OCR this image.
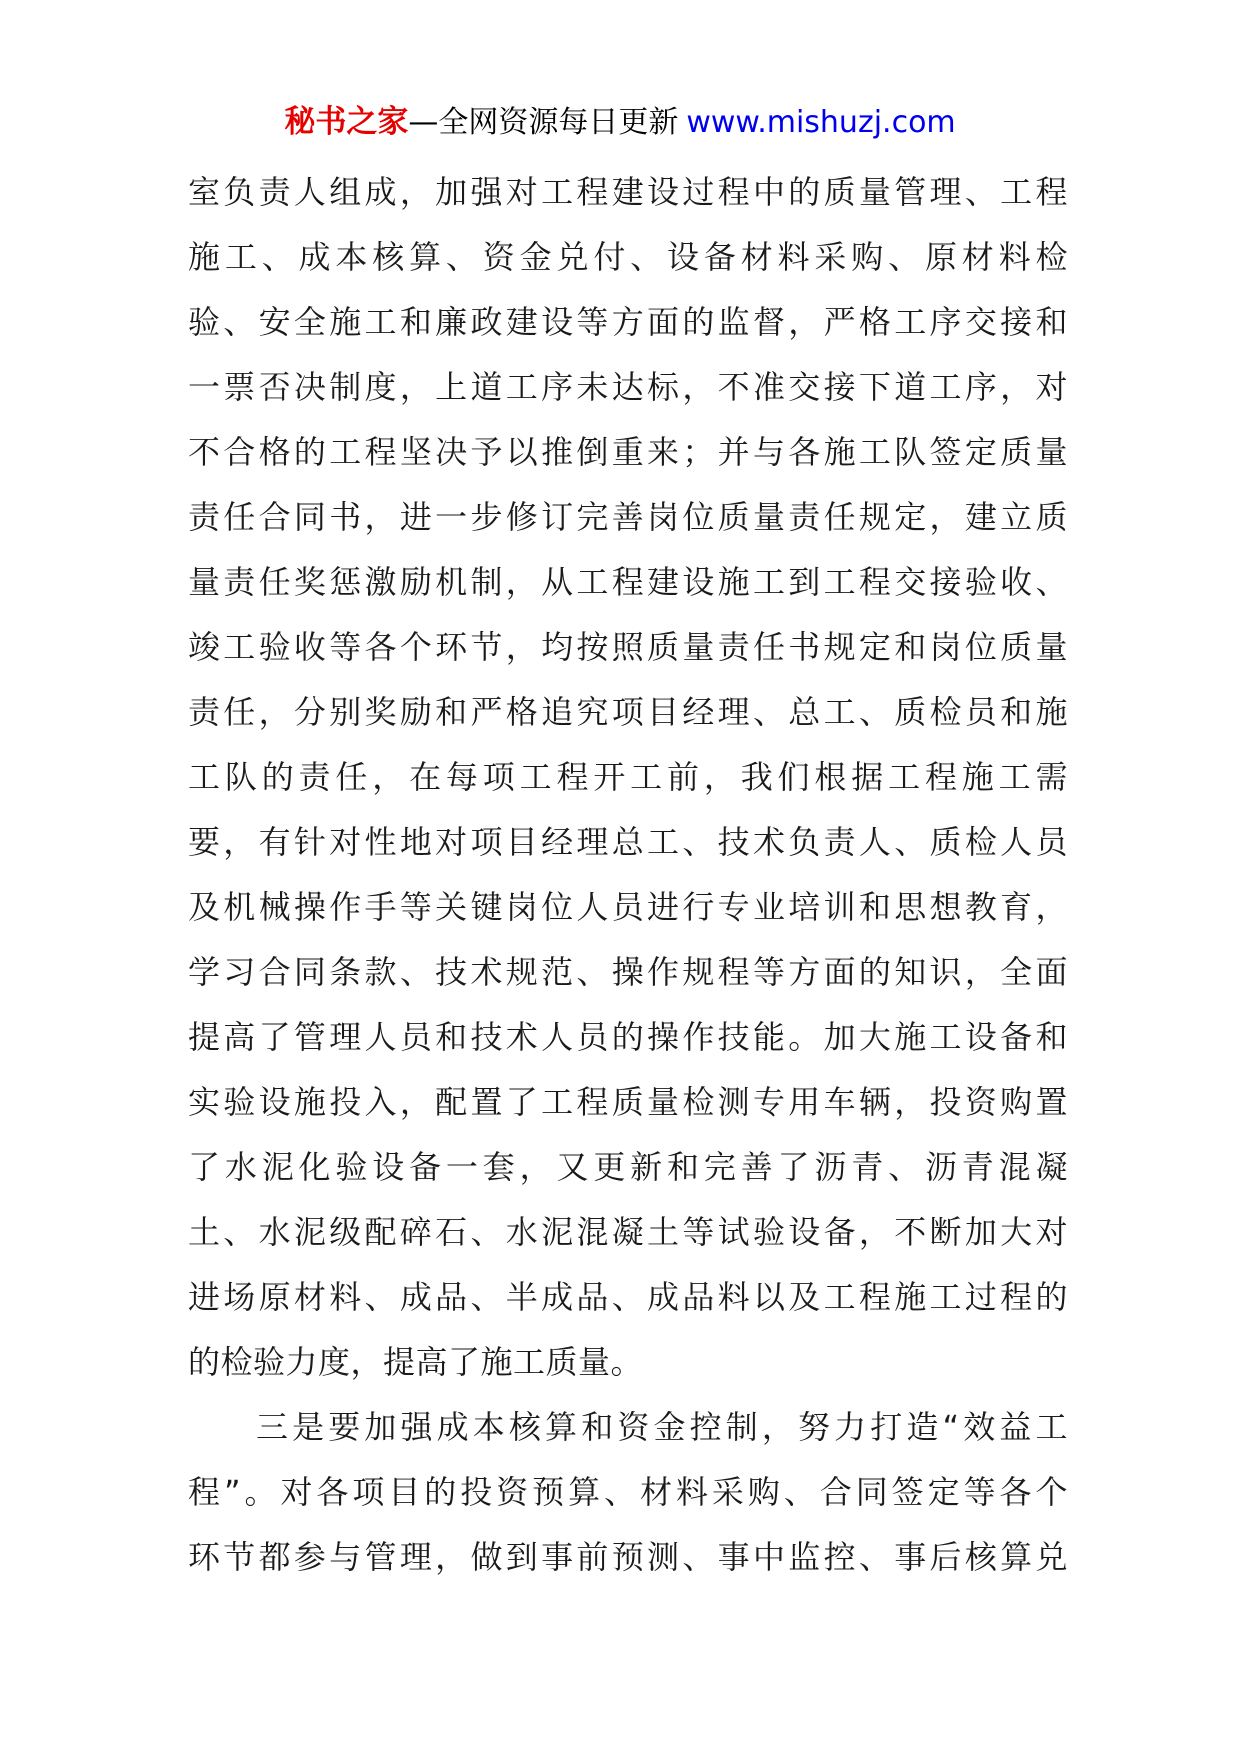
秘书之家—全网资源每日更新 www.mishuzj.com
室负责人组成，加强对工程建设过程中的质量管理、工程
施工、成本核算、资金兑付、设备材料采购、原材料检
验、安全施工和廉政建设等方面的监督，严格工序交接和
一票否决制度，上道工序未达标，不准交接下道工序，对
不合格的工程坚决予以推倒重来；并与各施工队签定质量
责任合同书，进一步修订完善岗位质量责任规定，建立质
量责任奖惩激励机制，从工程建设施工到工程交接验收、
竣工验收等各个环节，均按照质量责任书规定和岗位质量
责任，分别奖励和严格追究项目经理、总工、质检员和施
工队的责任，在每项工程开工前，我们根据工程施工需
要，有针对性地对项目经理总工、技术负责人、质检人员
及机械操作手等关键岗位人员进行专业培训和思想教育，
学习合同条款、技术规范、操作规程等方面的知识，全面
提高了管理人员和技术人员的操作技能。加大施工设备和
实验设施投入，配置了工程质量检测专用车辆，投资购置
了水泥化验设备一套，又更新和完善了沥青、沥青混凝
土、水泥级配碎石、水泥混凝土等试验设备，不断加大对
进场原材料、成品、半成品、成品料以及工程施工过程的
的检验力度，提高了施工质量。
三是要加强成本核算和资金控制，努力打造“效益工
程”。对各项目的投资预算、材料采购、合同签定等各个
环节都参与管理，做到事前预测、事中监控、事后核算兑
